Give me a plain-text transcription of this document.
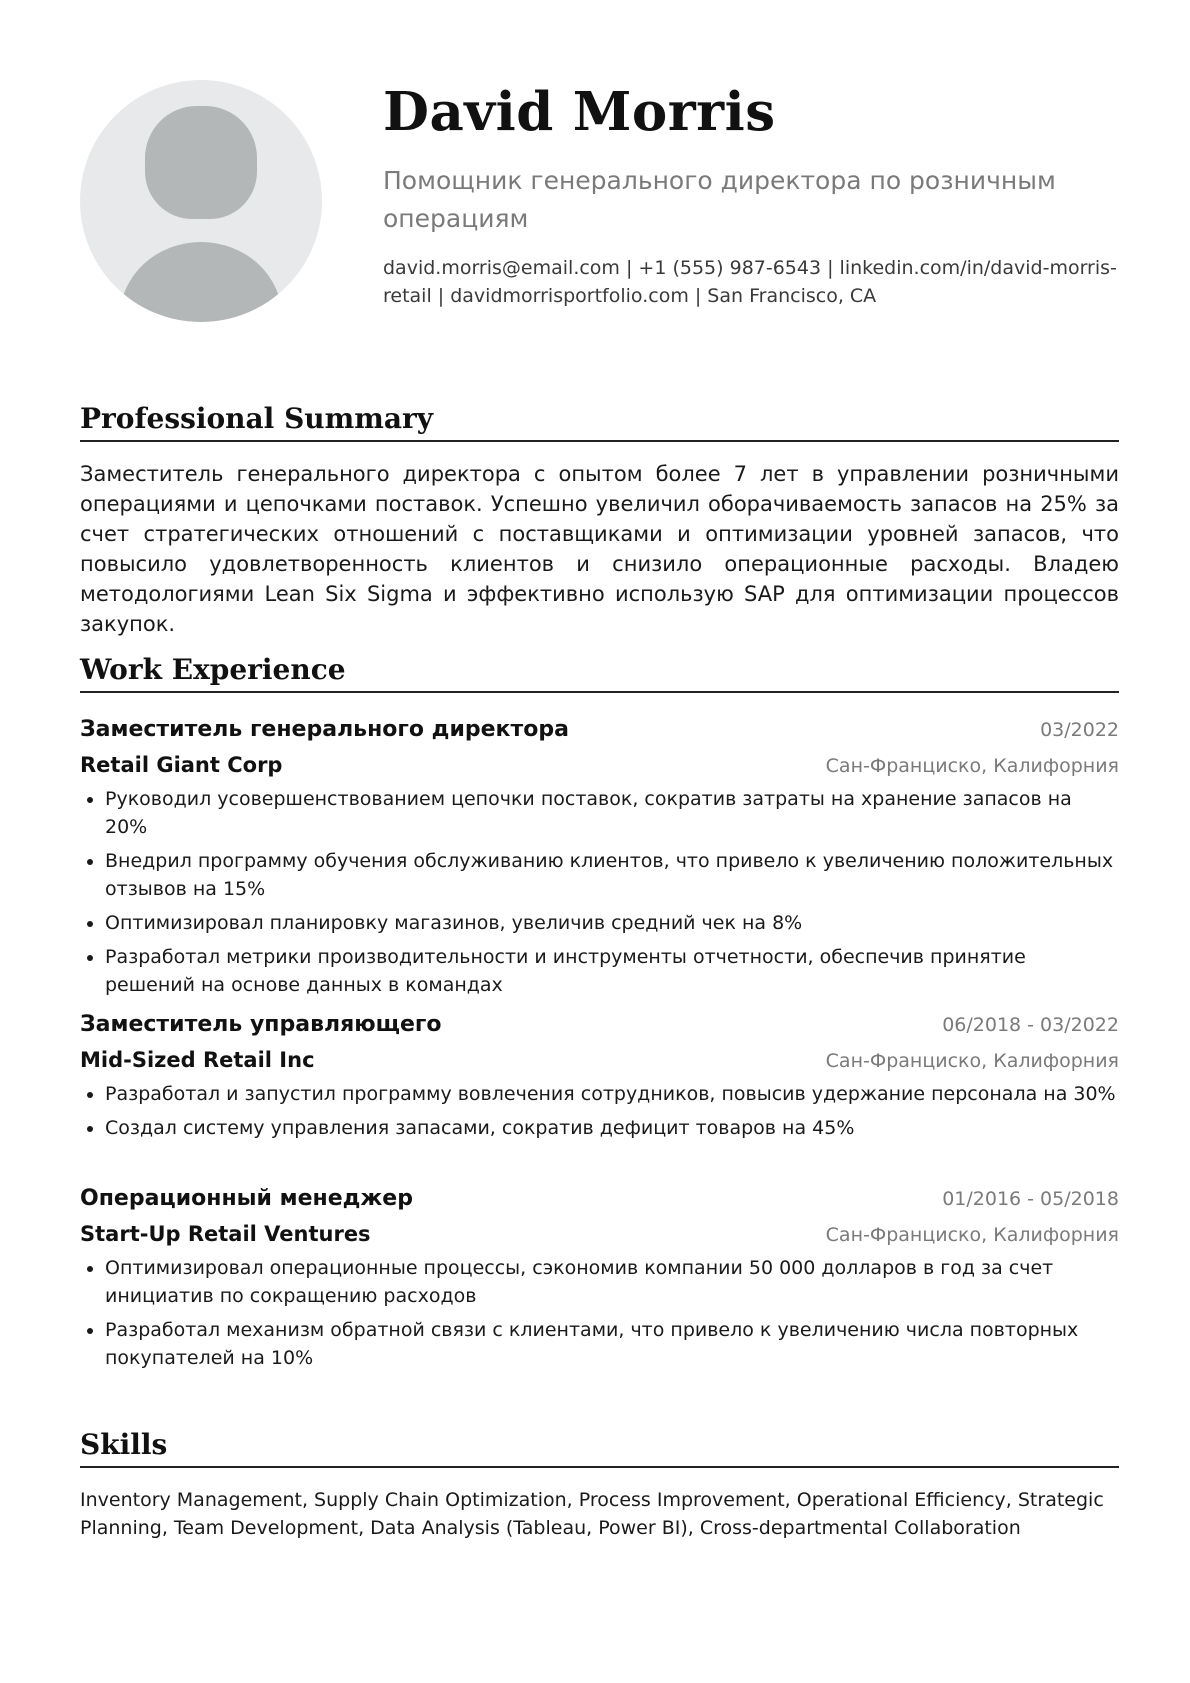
David Morris
Помощник генерального директора по розничным операциям
david.morris@email.com | +1 (555) 987-6543 | linkedin.com/in/david-morris-retail | davidmorrisportfolio.com | San Francisco, CA
Professional Summary
Заместитель генерального директора с опытом более 7 лет в управлении розничными операциями и цепочками поставок. Успешно увеличил оборачиваемость запасов на 25% за счет стратегических отношений с поставщиками и оптимизации уровней запасов, что повысило удовлетворенность клиентов и снизило операционные расходы. Владею методологиями Lean Six Sigma и эффективно использую SAP для оптимизации процессов закупок.
Work Experience
Заместитель генерального директора	03/2022
Retail Giant Corp	Сан-Франциско, Калифорния
Руководил усовершенствованием цепочки поставок, сократив затраты на хранение запасов на 20%
Внедрил программу обучения обслуживанию клиентов, что привело к увеличению положительных отзывов на 15%
Оптимизировал планировку магазинов, увеличив средний чек на 8%
Разработал метрики производительности и инструменты отчетности, обеспечив принятие решений на основе данных в командах
Заместитель управляющего	06/2018 - 03/2022
Mid-Sized Retail Inc	Сан-Франциско, Калифорния
Разработал и запустил программу вовлечения сотрудников, повысив удержание персонала на 30%
Создал систему управления запасами, сократив дефицит товаров на 45%
Операционный менеджер	01/2016 - 05/2018
Start-Up Retail Ventures	Сан-Франциско, Калифорния
Оптимизировал операционные процессы, сэкономив компании 50 000 долларов в год за счет инициатив по сокращению расходов
Разработал механизм обратной связи с клиентами, что привело к увеличению числа повторных покупателей на 10%
Skills
Inventory Management, Supply Chain Optimization, Process Improvement, Operational Efficiency, Strategic Planning, Team Development, Data Analysis (Tableau, Power BI), Cross-departmental Collaboration
